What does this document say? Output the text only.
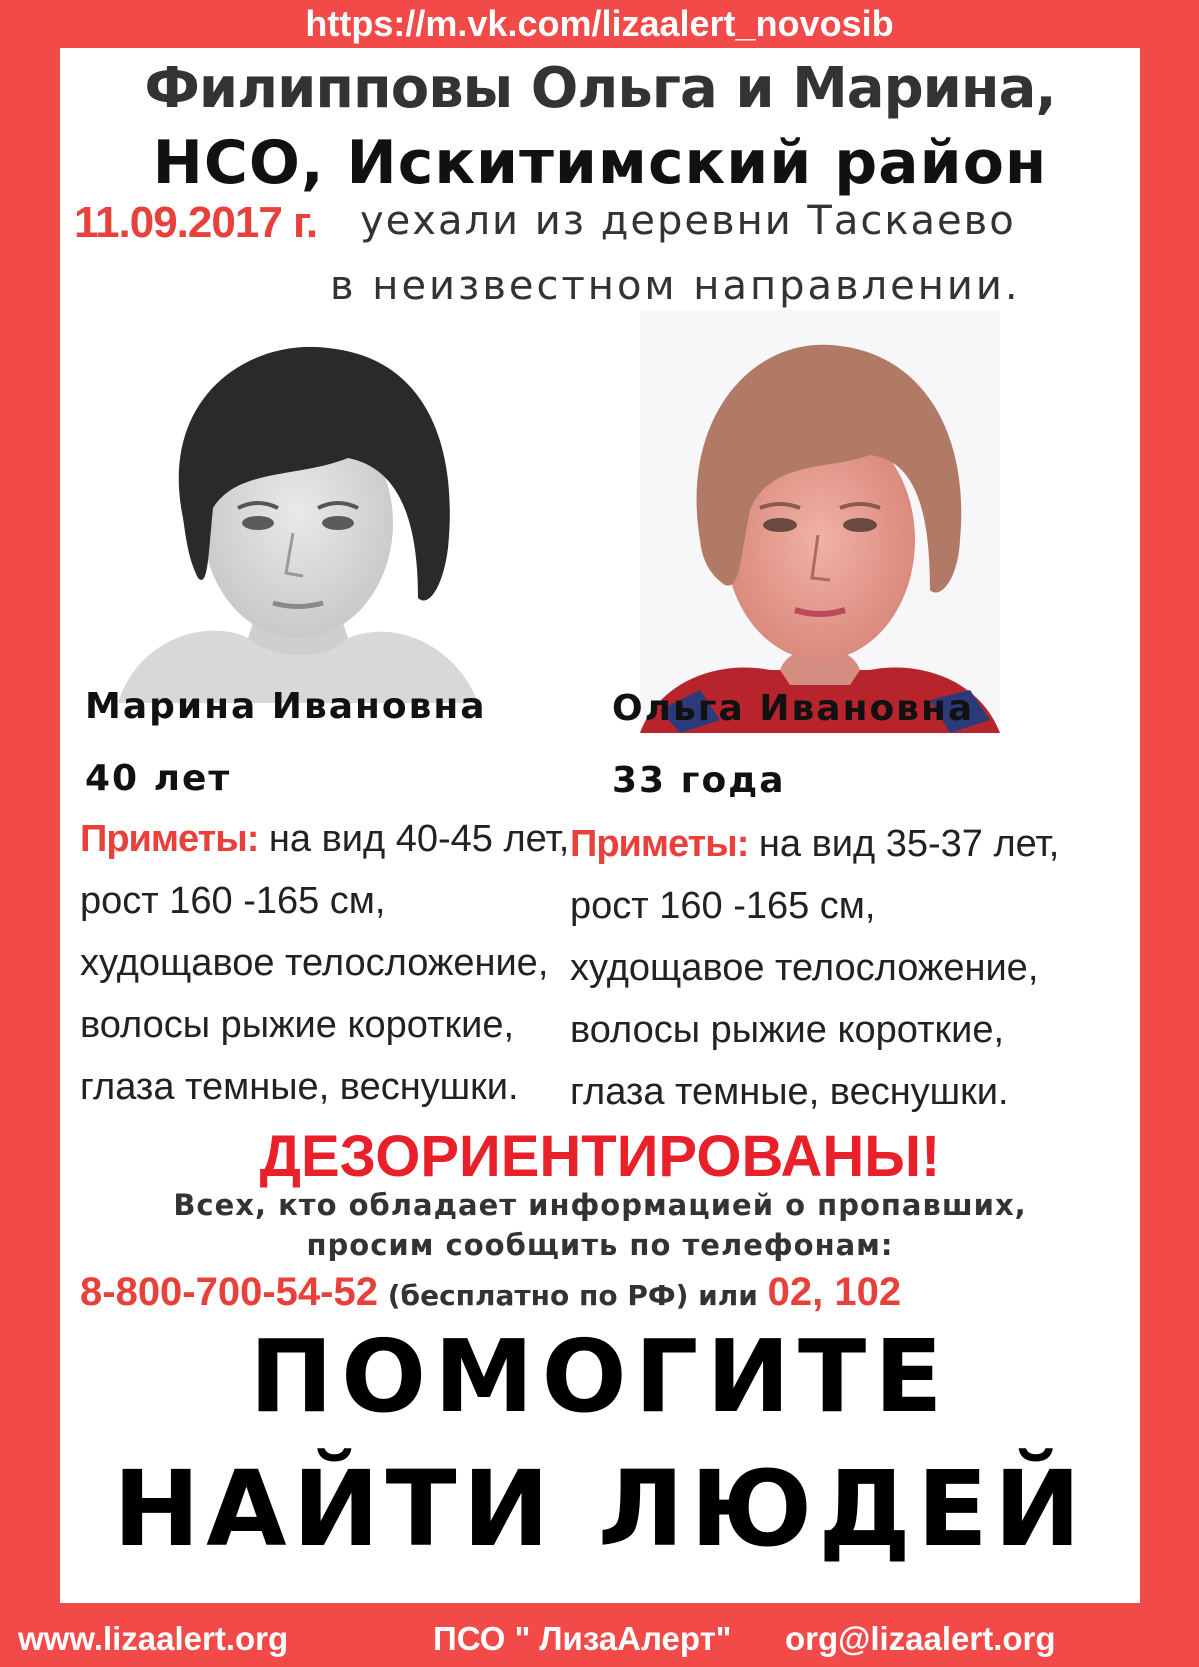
https://m.vk.com/lizaalert_novosib
Филипповы Ольга и Марина,
НСО, Искитимский район
11.09.2017 г. уехали из деревни Таскаево
в неизвестном направлении.
Марина Ивановна
40 лет
Приметы: на вид 40-45 лет,
рост 160 -165 см,
худощавое телосложение,
волосы рыжие короткие,
глаза темные, веснушки.
Ольга Ивановна
33 года
Приметы: на вид 35-37 лет,
рост 160 -165 см,
худощавое телосложение,
волосы рыжие короткие,
глаза темные, веснушки.
ДЕЗОРИЕНТИРОВАНЫ!
Всех, кто обладает информацией о пропавших,
просим сообщить по телефонам:
8-800-700-54-52 (бесплатно по РФ) или 02, 102
ПОМОГИТЕ
НАЙТИ ЛЮДЕЙ
www.lizaalert.org	ПСО " ЛизаАлерт" org@lizaalert.org
